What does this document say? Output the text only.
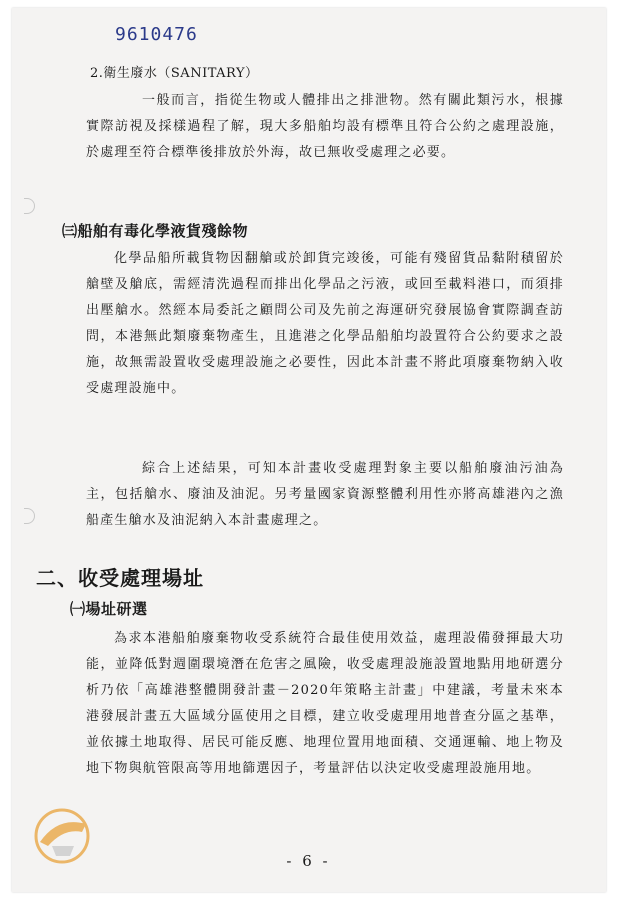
9610476
2.衛生廢水（SANITARY）

一般而言，指從生物或人體排出之排泄物。然有關此類污水，根據實際訪視及採樣過程了解，現大多船舶均設有標準且符合公約之處理設施，於處理至符合標準後排放於外海，故已無收受處理之必要。

㈢船舶有毒化學液貨殘餘物

化學品船所載貨物因翻艙或於卸貨完竣後，可能有殘留貨品黏附積留於艙壁及艙底，需經清洗過程而排出化學品之污液，或回至載料港口，而須排出壓艙水。然經本局委託之顧問公司及先前之海運研究發展協會實際調查訪問，本港無此類廢棄物產生，且進港之化學品船舶均設置符合公約要求之設施，故無需設置收受處理設施之必要性，因此本計畫不將此項廢棄物納入收受處理設施中。

綜合上述結果，可知本計畫收受處理對象主要以船舶廢油污油為主，包括艙水、廢油及油泥。另考量國家資源整體利用性亦將高雄港內之漁船產生艙水及油泥納入本計畫處理之。

二、收受處理場址
㈠場址研選

為求本港船舶廢棄物收受系統符合最佳使用效益，處理設備發揮最大功能，並降低對週圍環境潛在危害之風險，收受處理設施設置地點用地研選分析乃依「高雄港整體開發計畫－2020年策略主計畫」中建議，考量未來本港發展計畫五大區域分區使用之目標，建立收受處理用地普查分區之基準，並依據土地取得、居民可能反應、地理位置用地面積、交通運輸、地上物及地下物與航管限高等用地篩選因子，考量評估以決定收受處理設施用地。

- 6 -
